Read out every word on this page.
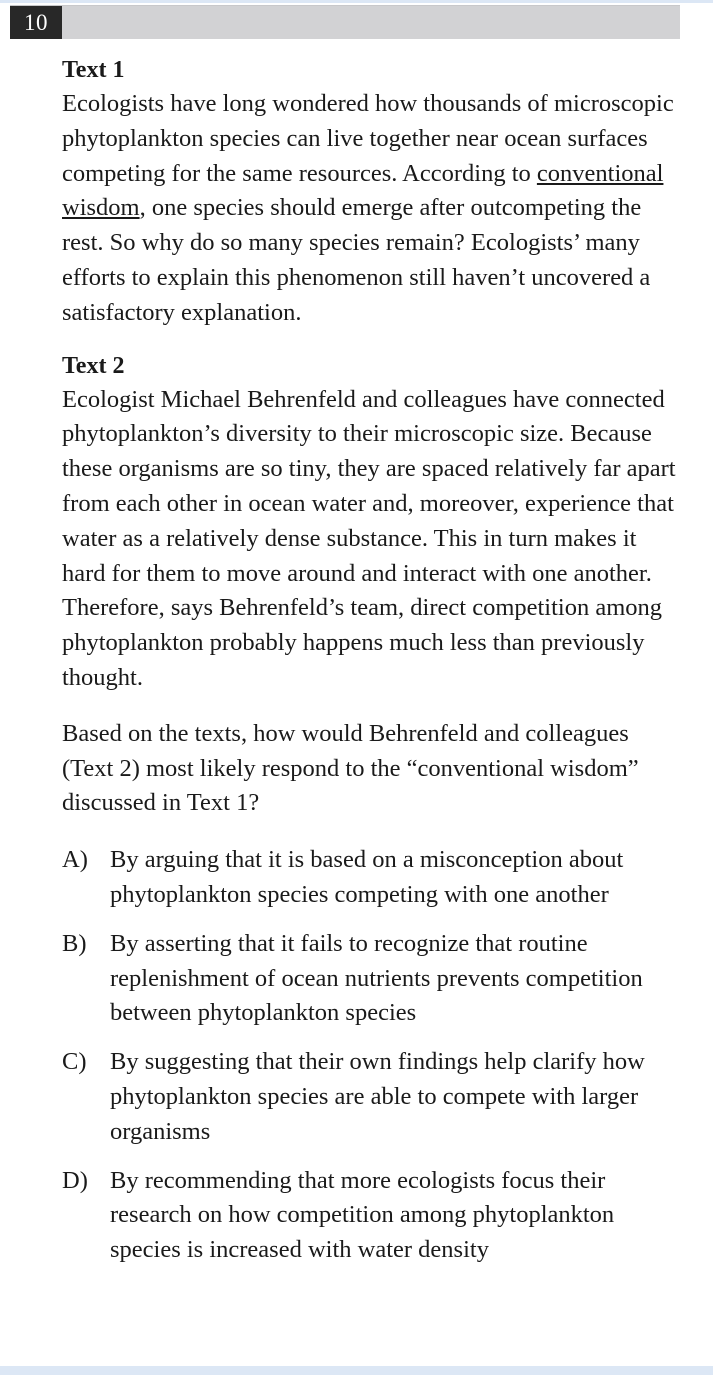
10
Text 1

Ecologists have long wondered how thousands of microscopic phytoplankton species can live together near ocean surfaces competing for the same resources. According to conventional wisdom, one species should emerge after outcompeting the rest. So why do so many species remain? Ecologists’ many efforts to explain this phenomenon still haven’t uncovered a satisfactory explanation.

Text 2

Ecologist Michael Behrenfeld and colleagues have connected phytoplankton’s diversity to their microscopic size. Because these organisms are so tiny, they are spaced relatively far apart from each other in ocean water and, moreover, experience that water as a relatively dense substance. This in turn makes it hard for them to move around and interact with one another. Therefore, says Behrenfeld’s team, direct competition among phytoplankton probably happens much less than previously thought.

Based on the texts, how would Behrenfeld and colleagues (Text 2) most likely respond to the “conventional wisdom” discussed in Text 1?

A) By arguing that it is based on a misconception about phytoplankton species competing with one another
B) By asserting that it fails to recognize that routine replenishment of ocean nutrients prevents competition between phytoplankton species
C) By suggesting that their own findings help clarify how phytoplankton species are able to compete with larger organisms
D) By recommending that more ecologists focus their research on how competition among phytoplankton species is increased with water density
